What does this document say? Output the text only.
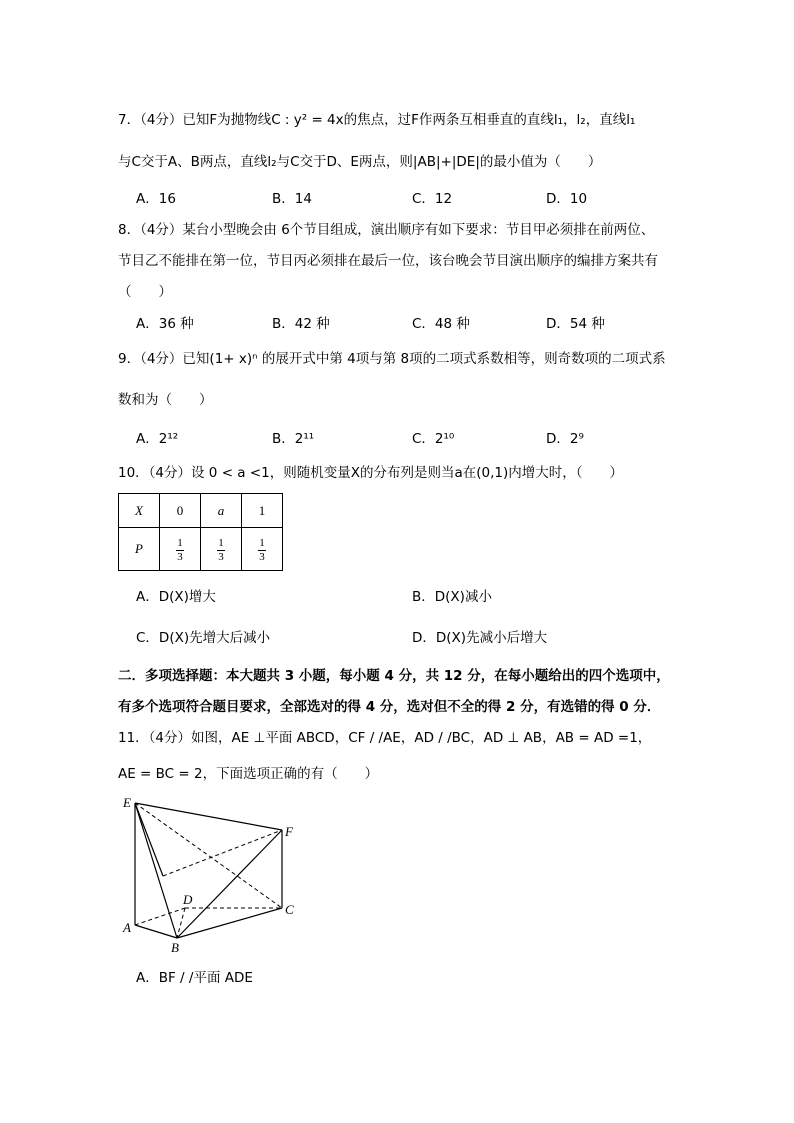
7．（4分）已知F为抛物线C : y² = 4x的焦点，过F作两条互相垂直的直线l₁，l₂，直线l₁
与C交于A、B两点，直线l₂与C交于D、E两点，则|AB|+|DE|的最小值为（　　）
A．16	B．14	C．12	D．10
8．（4分）某台小型晚会由 6个节目组成，演出顺序有如下要求：节目甲必须排在前两位、
节目乙不能排在第一位，节目丙必须排在最后一位，该台晚会节目演出顺序的编排方案共有
（　　）
A．36 种	B．42 种	C．48 种	D．54 种
9．（4分）已知(1+ x)ⁿ 的展开式中第 4项与第 8项的二项式系数相等，则奇数项的二项式系
数和为（　　）
A．2¹²	B．2¹¹	C．2¹⁰	D．2⁹
10．（4分）设 0 < a <1，则随机变量X的分布列是则当a在(0,1)内增大时，（　　）
X	0	a	1
P	$\frac{1}{3}$	$\frac{1}{3}$	$\frac{1}{3}$
A．D(X)增大	B．D(X)减小
C．D(X)先增大后减小	D．D(X)先减小后增大
二．多项选择题：本大题共 3 小题，每小题 4 分，共 12 分，在每小题给出的四个选项中，
有多个选项符合题目要求，全部选对的得 4 分，选对但不全的得 2 分，有选错的得 0 分．
11．（4分）如图，AE ⊥平面 ABCD，CF / /AE，AD / /BC，AD ⊥ AB，AB = AD =1，
AE = BC = 2，下面选项正确的有（　　）
E
F
D
C
A
B
A．BF / /平面 ADE
